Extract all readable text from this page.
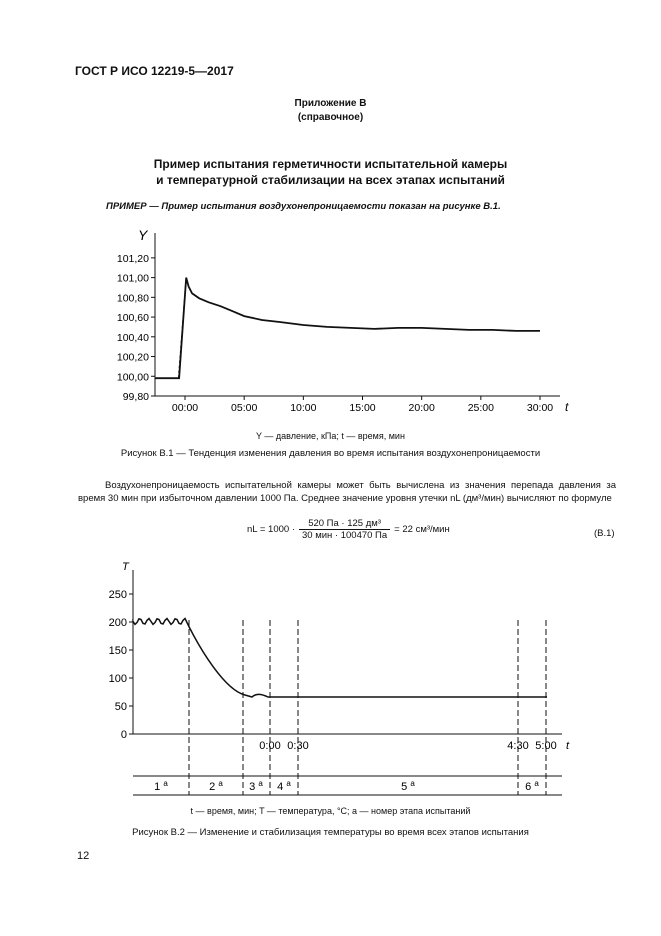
ГОСТ Р ИСО 12219-5—2017
Приложение В
(справочное)
Пример испытания герметичности испытательной камеры
и температурной стабилизации на всех этапах испытаний
ПРИМЕР — Пример испытания воздухонепроницаемости показан на рисунке В.1.
Y
t
99,80
100,00
100,20
100,40
100,60
100,80
101,00
101,20
00:00	05:00	10:00	15:00	20:00	25:00	30:00
T
t
0
50
100
150
200
250
0:00 0:30	4:30 5:00
1 $^a$	2 $^a$ 3 $^a$ 4 $^a$	5 $^a$	6 $^a$
Y — давление, кПа; t — время, мин
Рисунок В.1 — Тенденция изменения давления во время испытания воздухонепроницаемости

Воздухонепроницаемость испытательной камеры может быть вычислена из значения перепада давления за время 30 мин при избыточном давлении 1000 Па. Среднее значение уровня утечки nL (дм³/мин) вычисляют по формуле

nL = 1000 ·	520 Па · 125 дм³	= 22 см³/мин
30 мин · 100470 Па	(В.1)
t — время, мин; T — температура, °C; a — номер этапа испытаний
Рисунок В.2 — Изменение и стабилизация температуры во время всех этапов испытания
12
